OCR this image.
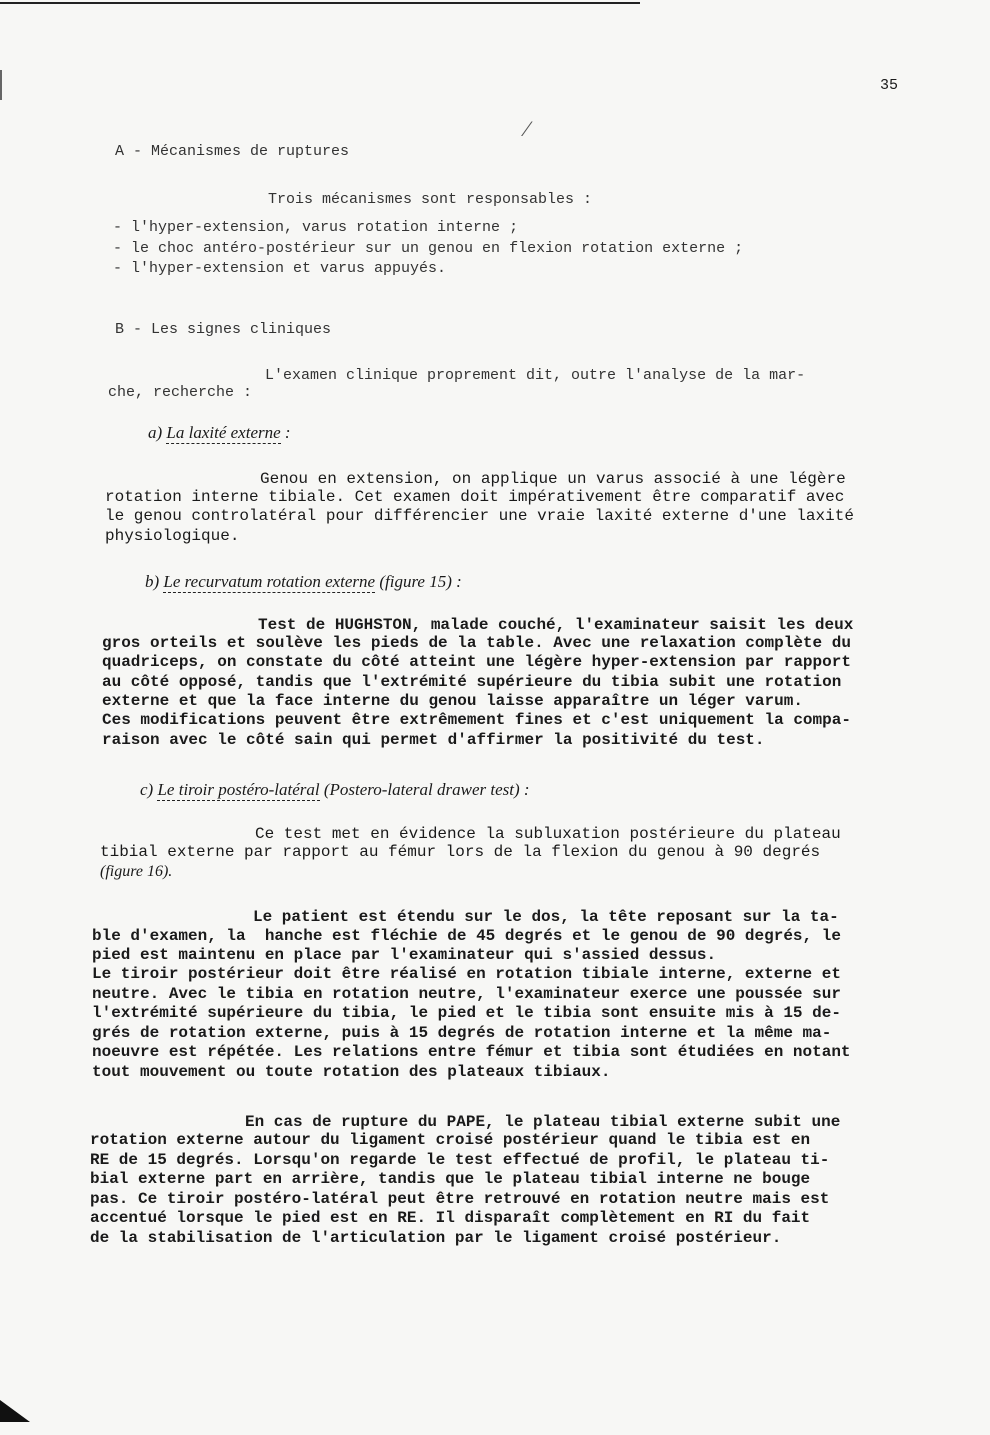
35
⁄
A - Mécanismes de ruptures
Trois mécanismes sont responsables :
- l'hyper-extension, varus rotation interne ;
- le choc antéro-postérieur sur un genou en flexion rotation externe ;
- l'hyper-extension et varus appuyés.
B - Les signes cliniques
L'examen clinique proprement dit, outre l'analyse de la mar-
che, recherche :
a) La laxité externe :
Genou en extension, on applique un varus associé à une légère
rotation interne tibiale. Cet examen doit impérativement être comparatif avec
le genou controlatéral pour différencier une vraie laxité externe d'une laxité
physiologique.
b) Le recurvatum rotation externe (figure 15) :
Test de HUGHSTON, malade couché, l'examinateur saisit les deux
gros orteils et soulève les pieds de la table. Avec une relaxation complète du
quadriceps, on constate du côté atteint une légère hyper-extension par rapport
au côté opposé, tandis que l'extrémité supérieure du tibia subit une rotation
externe et que la face interne du genou laisse apparaître un léger varum.
Ces modifications peuvent être extrêmement fines et c'est uniquement la compa-
raison avec le côté sain qui permet d'affirmer la positivité du test.
c) Le tiroir postéro-latéral (Postero-lateral drawer test) :
Ce test met en évidence la subluxation postérieure du plateau
tibial externe par rapport au fémur lors de la flexion du genou à 90 degrés
(figure 16).
Le patient est étendu sur le dos, la tête reposant sur la ta-
ble d'examen, la  hanche est fléchie de 45 degrés et le genou de 90 degrés, le
pied est maintenu en place par l'examinateur qui s'assied dessus.
Le tiroir postérieur doit être réalisé en rotation tibiale interne, externe et
neutre. Avec le tibia en rotation neutre, l'examinateur exerce une poussée sur
l'extrémité supérieure du tibia, le pied et le tibia sont ensuite mis à 15 de-
grés de rotation externe, puis à 15 degrés de rotation interne et la même ma-
noeuvre est répétée. Les relations entre fémur et tibia sont étudiées en notant
tout mouvement ou toute rotation des plateaux tibiaux.
En cas de rupture du PAPE, le plateau tibial externe subit une
rotation externe autour du ligament croisé postérieur quand le tibia est en
RE de 15 degrés. Lorsqu'on regarde le test effectué de profil, le plateau ti-
bial externe part en arrière, tandis que le plateau tibial interne ne bouge
pas. Ce tiroir postéro-latéral peut être retrouvé en rotation neutre mais est
accentué lorsque le pied est en RE. Il disparaît complètement en RI du fait
de la stabilisation de l'articulation par le ligament croisé postérieur.
